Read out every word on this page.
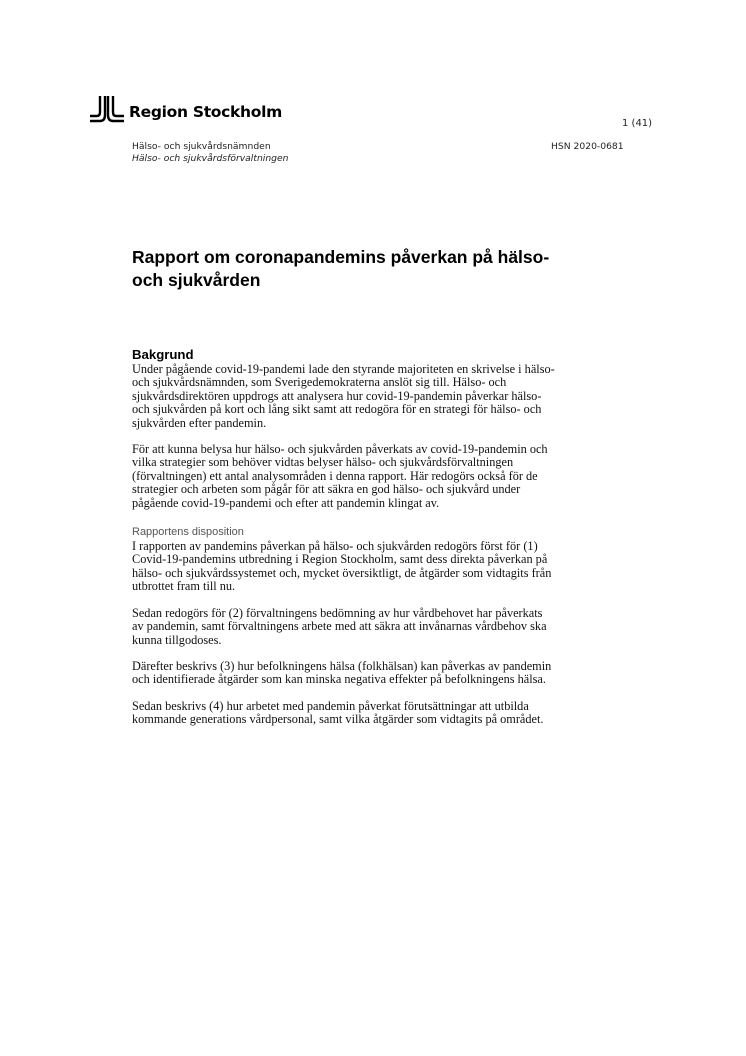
Region Stockholm
1 (41)
Hälso- och sjukvårdsnämnden
Hälso- och sjukvårdsförvaltningen
HSN 2020-0681
Rapport om coronapandemins påverkan på hälso- och sjukvården
Bakgrund

Under pågående covid-19-pandemi lade den styrande majoriteten en skrivelse i hälso- och sjukvårdsnämnden, som Sverigedemokraterna anslöt sig till. Hälso- och sjukvårdsdirektören uppdrogs att analysera hur covid-19-pandemin påverkar hälso- och sjukvården på kort och lång sikt samt att redogöra för en strategi för hälso- och sjukvården efter pandemin.

För att kunna belysa hur hälso- och sjukvården påverkats av covid-19-pandemin och vilka strategier som behöver vidtas belyser hälso- och sjukvårdsförvaltningen (förvaltningen) ett antal analysområden i denna rapport. Här redogörs också för de strategier och arbeten som pågår för att säkra en god hälso- och sjukvård under pågående covid-19-pandemi och efter att pandemin klingat av.

Rapportens disposition

I rapporten av pandemins påverkan på hälso- och sjukvården redogörs först för (1) Covid-19-pandemins utbredning i Region Stockholm, samt dess direkta påverkan på hälso- och sjukvårdssystemet och, mycket översiktligt, de åtgärder som vidtagits från utbrottet fram till nu.

Sedan redogörs för (2) förvaltningens bedömning av hur vårdbehovet har påverkats av pandemin, samt förvaltningens arbete med att säkra att invånarnas vårdbehov ska kunna tillgodoses.

Därefter beskrivs (3) hur befolkningens hälsa (folkhälsan) kan påverkas av pandemin och identifierade åtgärder som kan minska negativa effekter på befolkningens hälsa.

Sedan beskrivs (4) hur arbetet med pandemin påverkat förutsättningar att utbilda kommande generations vårdpersonal, samt vilka åtgärder som vidtagits på området.
